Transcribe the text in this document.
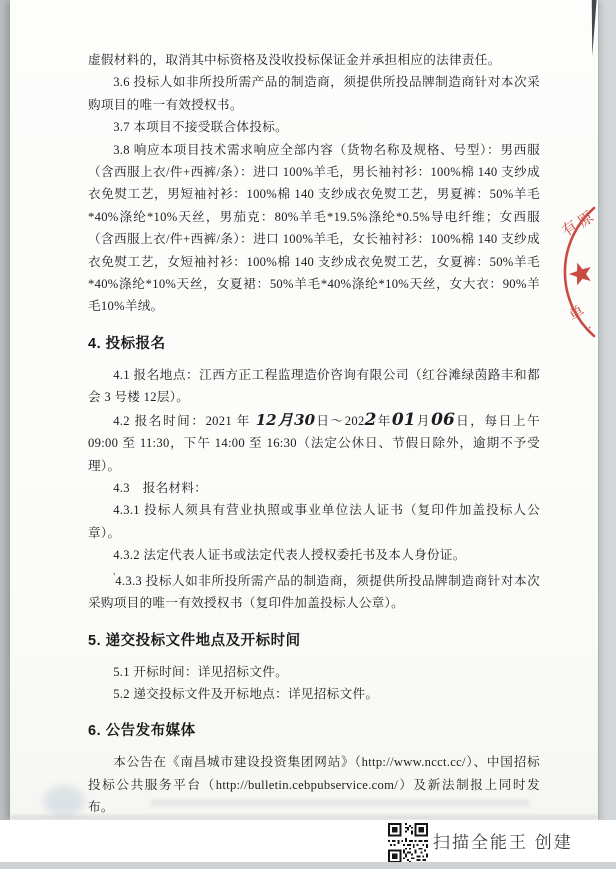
虚假材料的，取消其中标资格及没收投标保证金并承担相应的法律责任。

3.6 投标人如非所投所需产品的制造商，须提供所投品牌制造商针对本次采购项目的唯一有效授权书。

3.7 本项目不接受联合体投标。

3.8 响应本项目技术需求响应全部内容（货物名称及规格、号型）：男西服（含西服上衣/件+西裤/条）：进口 100%羊毛，男长袖衬衫：100%棉 140 支纱成衣免熨工艺，男短袖衬衫：100%棉 140 支纱成衣免熨工艺，男夏裤：50%羊毛*40%涤纶*10%天丝，男茄克：80%羊毛*19.5%涤纶*0.5%导电纤维；女西服（含西服上衣/件+西裤/条）：进口 100%羊毛，女长袖衬衫：100%棉 140 支纱成衣免熨工艺，女短袖衬衫：100%棉 140 支纱成衣免熨工艺，女夏裤：50%羊毛*40%涤纶*10%天丝，女夏裙：50%羊毛*40%涤纶*10%天丝，女大衣：90%羊毛10%羊绒。

4. 投标报名

4.1 报名地点：江西方正工程监理造价咨询有限公司（红谷滩绿茵路丰和都会 3 号楼 12层）。

4.2 报名时间：2021 年 12月30日～2022年01月06日，每日上午 09:00 至 11:30，下午 14:00 至 16:30（法定公休日、节假日除外，逾期不予受理）。

4.3　报名材料：

4.3.1 投标人须具有营业执照或事业单位法人证书（复印件加盖投标人公章）。

4.3.2 法定代表人证书或法定代表人授权委托书及本人身份证。

'4.3.3 投标人如非所投所需产品的制造商，须提供所投品牌制造商针对本次采购项目的唯一有效授权书（复印件加盖投标人公章）。

5. 递交投标文件地点及开标时间

5.1 开标时间：详见招标文件。

5.2 递交投标文件及开标地点：详见招标文件。

6. 公告发布媒体

本公告在《南昌城市建设投资集团网站》（http://www.ncct.cc/）、中国招标投标公共服务平台（http://bulletin.cebpubservice.com/）及新法制报上同时发布。

有
原
单 ,
扫描全能王 创建
